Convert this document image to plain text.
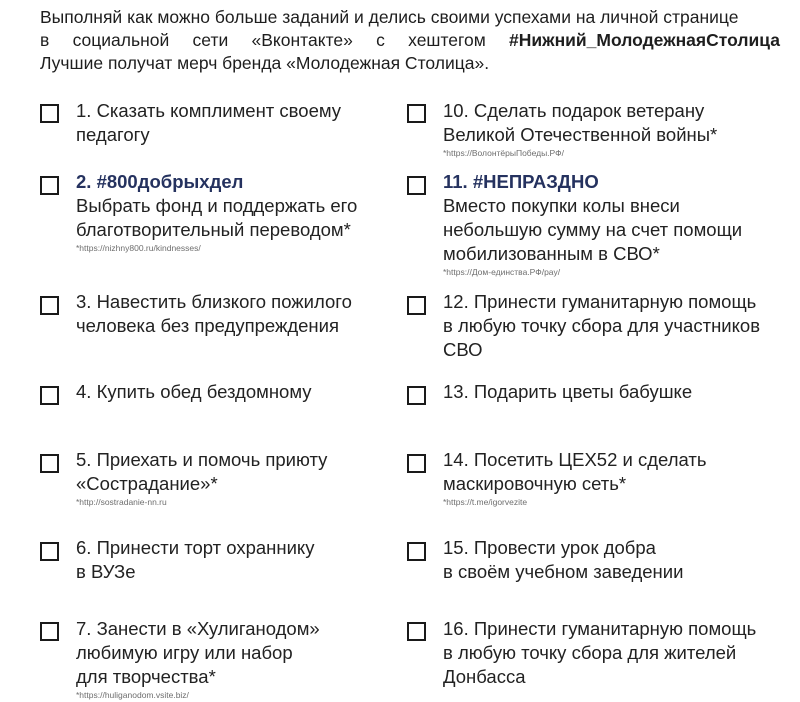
Выполняй как можно больше заданий и делись своими успехами на личной странице
в социальной сети «Вконтакте» с хештегом #Нижний_МолодежнаяСтолица
Лучшие получат мерч бренда «Молодежная Столица».
1. Сказать комплимент своему
педагогу
2. #800добрыхдел
Выбрать фонд и поддержать его
благотворительный переводом*
*https://nizhny800.ru/kindnesses/
3. Навестить близкого пожилого
человека без предупреждения
4. Купить обед бездомному
5. Приехать и помочь приюту
«Сострадание»*
*http://sostradanie-nn.ru
6. Принести торт охраннику
в ВУЗе
7. Занести в «Хулиганодом»
любимую игру или набор
для творчества*
*https://huliganodom.vsite.biz/
10. Сделать подарок ветерану
Великой Отечественной войны*
*https://ВолонтёрыПобеды.РФ/
11. #НЕПРАЗДНО
Вместо покупки колы внеси
небольшую сумму на счет помощи
мобилизованным в СВО*
*https://Дом-единства.РФ/pay/
12. Принести гуманитарную помощь
в любую точку сбора для участников
СВО
13. Подарить цветы бабушке
14. Посетить ЦЕХ52 и сделать
маскировочную сеть*
*https://t.me/igorvezite
15. Провести урок добра
в своём учебном заведении
16. Принести гуманитарную помощь
в любую точку сбора для жителей
Донбасса
